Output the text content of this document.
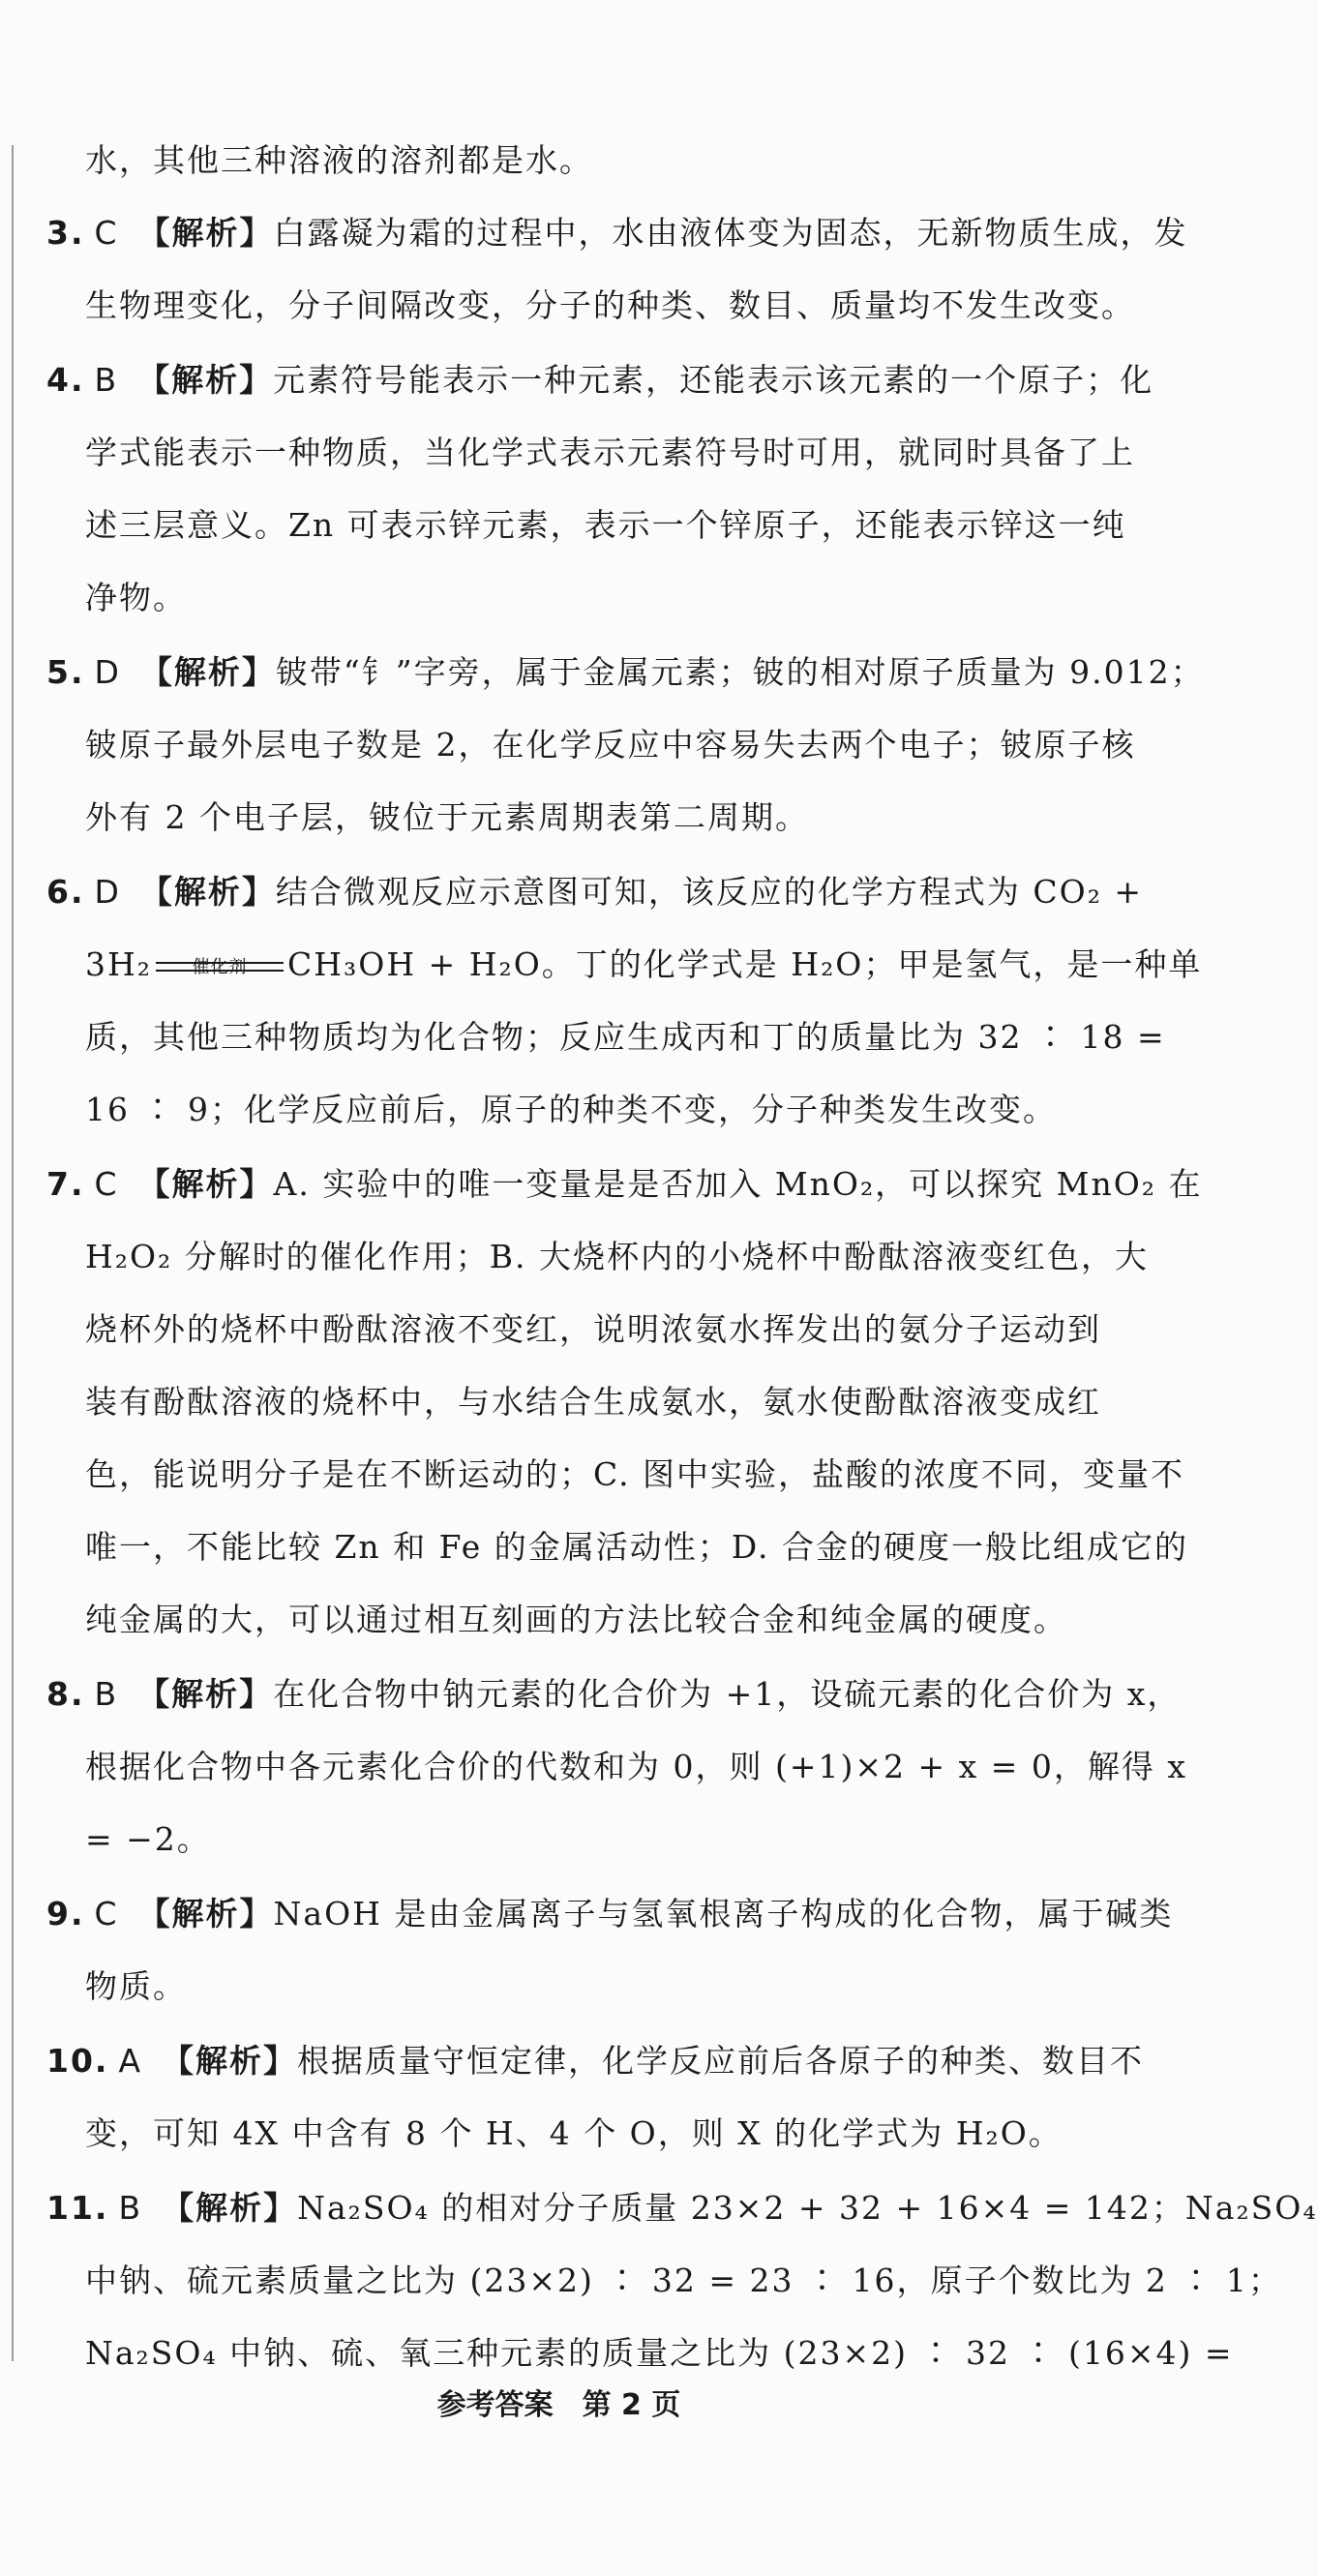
水，其他三种溶液的溶剂都是水。
3. C 【解析】白露凝为霜的过程中，水由液体变为固态，无新物质生成，发
生物理变化，分子间隔改变，分子的种类、数目、质量均不发生改变。
4. B 【解析】元素符号能表示一种元素，还能表示该元素的一个原子；化
学式能表示一种物质，当化学式表示元素符号时可用，就同时具备了上
述三层意义。Zn 可表示锌元素，表示一个锌原子，还能表示锌这一纯
净物。
5. D 【解析】铍带“钅”字旁，属于金属元素；铍的相对原子质量为 9.012；
铍原子最外层电子数是 2，在化学反应中容易失去两个电子；铍原子核
外有 2 个电子层，铍位于元素周期表第二周期。
6. D 【解析】结合微观反应示意图可知，该反应的化学方程式为 CO₂ +
3H₂	催化剂	CH₃OH + H₂O。丁的化学式是 H₂O；甲是氢气，是一种单
质，其他三种物质均为化合物；反应生成丙和丁的质量比为 32 ∶ 18 =
16 ∶ 9；化学反应前后，原子的种类不变，分子种类发生改变。
7. C 【解析】A. 实验中的唯一变量是是否加入 MnO₂，可以探究 MnO₂ 在
H₂O₂ 分解时的催化作用；B. 大烧杯内的小烧杯中酚酞溶液变红色，大
烧杯外的烧杯中酚酞溶液不变红，说明浓氨水挥发出的氨分子运动到
装有酚酞溶液的烧杯中，与水结合生成氨水，氨水使酚酞溶液变成红
色，能说明分子是在不断运动的；C. 图中实验，盐酸的浓度不同，变量不
唯一，不能比较 Zn 和 Fe 的金属活动性；D. 合金的硬度一般比组成它的
纯金属的大，可以通过相互刻画的方法比较合金和纯金属的硬度。
8. B 【解析】在化合物中钠元素的化合价为 +1，设硫元素的化合价为 x，
根据化合物中各元素化合价的代数和为 0，则 (+1)×2 + x = 0，解得 x
= −2。
9. C 【解析】NaOH 是由金属离子与氢氧根离子构成的化合物，属于碱类
物质。
10. A 【解析】根据质量守恒定律，化学反应前后各原子的种类、数目不
变，可知 4X 中含有 8 个 H、4 个 O，则 X 的化学式为 H₂O。
11. B 【解析】Na₂SO₄ 的相对分子质量 23×2 + 32 + 16×4 = 142；Na₂SO₄
中钠、硫元素质量之比为 (23×2) ∶ 32 = 23 ∶ 16，原子个数比为 2 ∶ 1；
Na₂SO₄ 中钠、硫、氧三种元素的质量之比为 (23×2) ∶ 32 ∶ (16×4) =
参考答案　第 2 页
